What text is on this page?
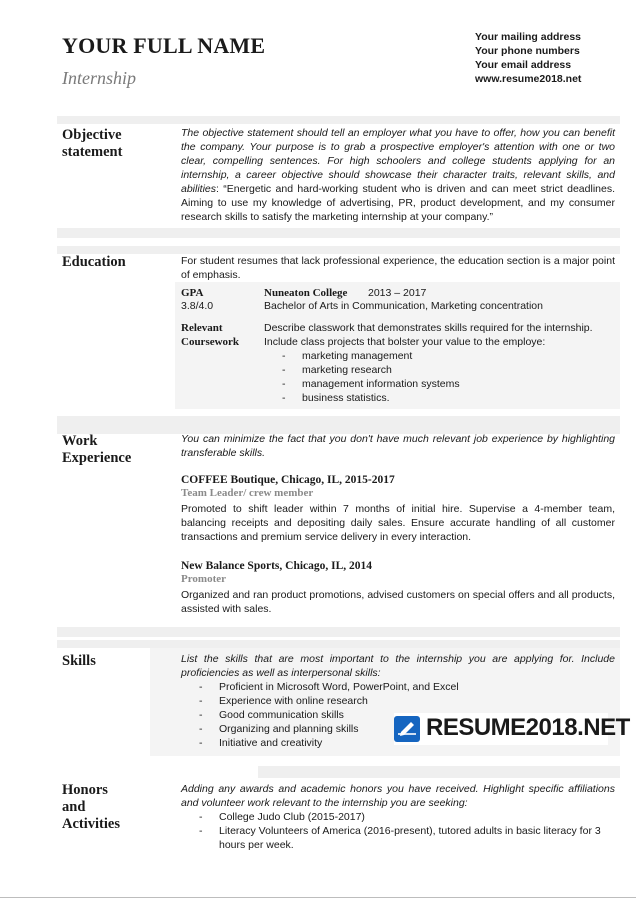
YOUR FULL NAME
Internship
Your mailing address
Your phone numbers
Your email address
www.resume2018.net
Objective statement
The objective statement should tell an employer what you have to offer, how you can benefit the company. Your purpose is to grab a prospective employer's attention with one or two clear, compelling sentences. For high schoolers and college students applying for an internship, a career objective should showcase their character traits, relevant skills, and abilities: “Energetic and hard-working student who is driven and can meet strict deadlines. Aiming to use my knowledge of advertising, PR, product development, and my consumer research skills to satisfy the marketing internship at your company.”
Education	For student resumes that lack professional experience, the education section is a major point of emphasis.
GPA
3.8/4.0
Nuneaton College 2013 – 2017
Bachelor of Arts in Communication, Marketing concentration
Relevant
Coursework
Describe classwork that demonstrates skills required for the internship.
Include class projects that bolster your value to the employe:
- marketing management
- marketing research
- management information systems
- business statistics.
Work
Experience
You can minimize the fact that you don't have much relevant job experience by highlighting transferable skills.
COFFEE Boutique, Chicago, IL, 2015-2017
Team Leader/ crew member
Promoted to shift leader within 7 months of initial hire. Supervise a 4-member team, balancing receipts and depositing daily sales. Ensure accurate handling of all customer transactions and premium service delivery in every interaction.
New Balance Sports, Chicago, IL, 2014
Promoter
Organized and ran product promotions, advised customers on special offers and all products, assisted with sales.
Skills	List the skills that are most important to the internship you are applying for. Include proficiencies as well as interpersonal skills:
- Proficient in Microsoft Word, PowerPoint, and Excel
- Experience with online research
- Good communication skills
- Organizing and planning skills
- Initiative and creativity
RESUME2018.NET
Honors
and
Activities
Adding any awards and academic honors you have received. Highlight specific affiliations and volunteer work relevant to the internship you are seeking:
- College Judo Club (2015-2017)
- Literacy Volunteers of America (2016-present), tutored adults in basic literacy for 3 hours per week.
